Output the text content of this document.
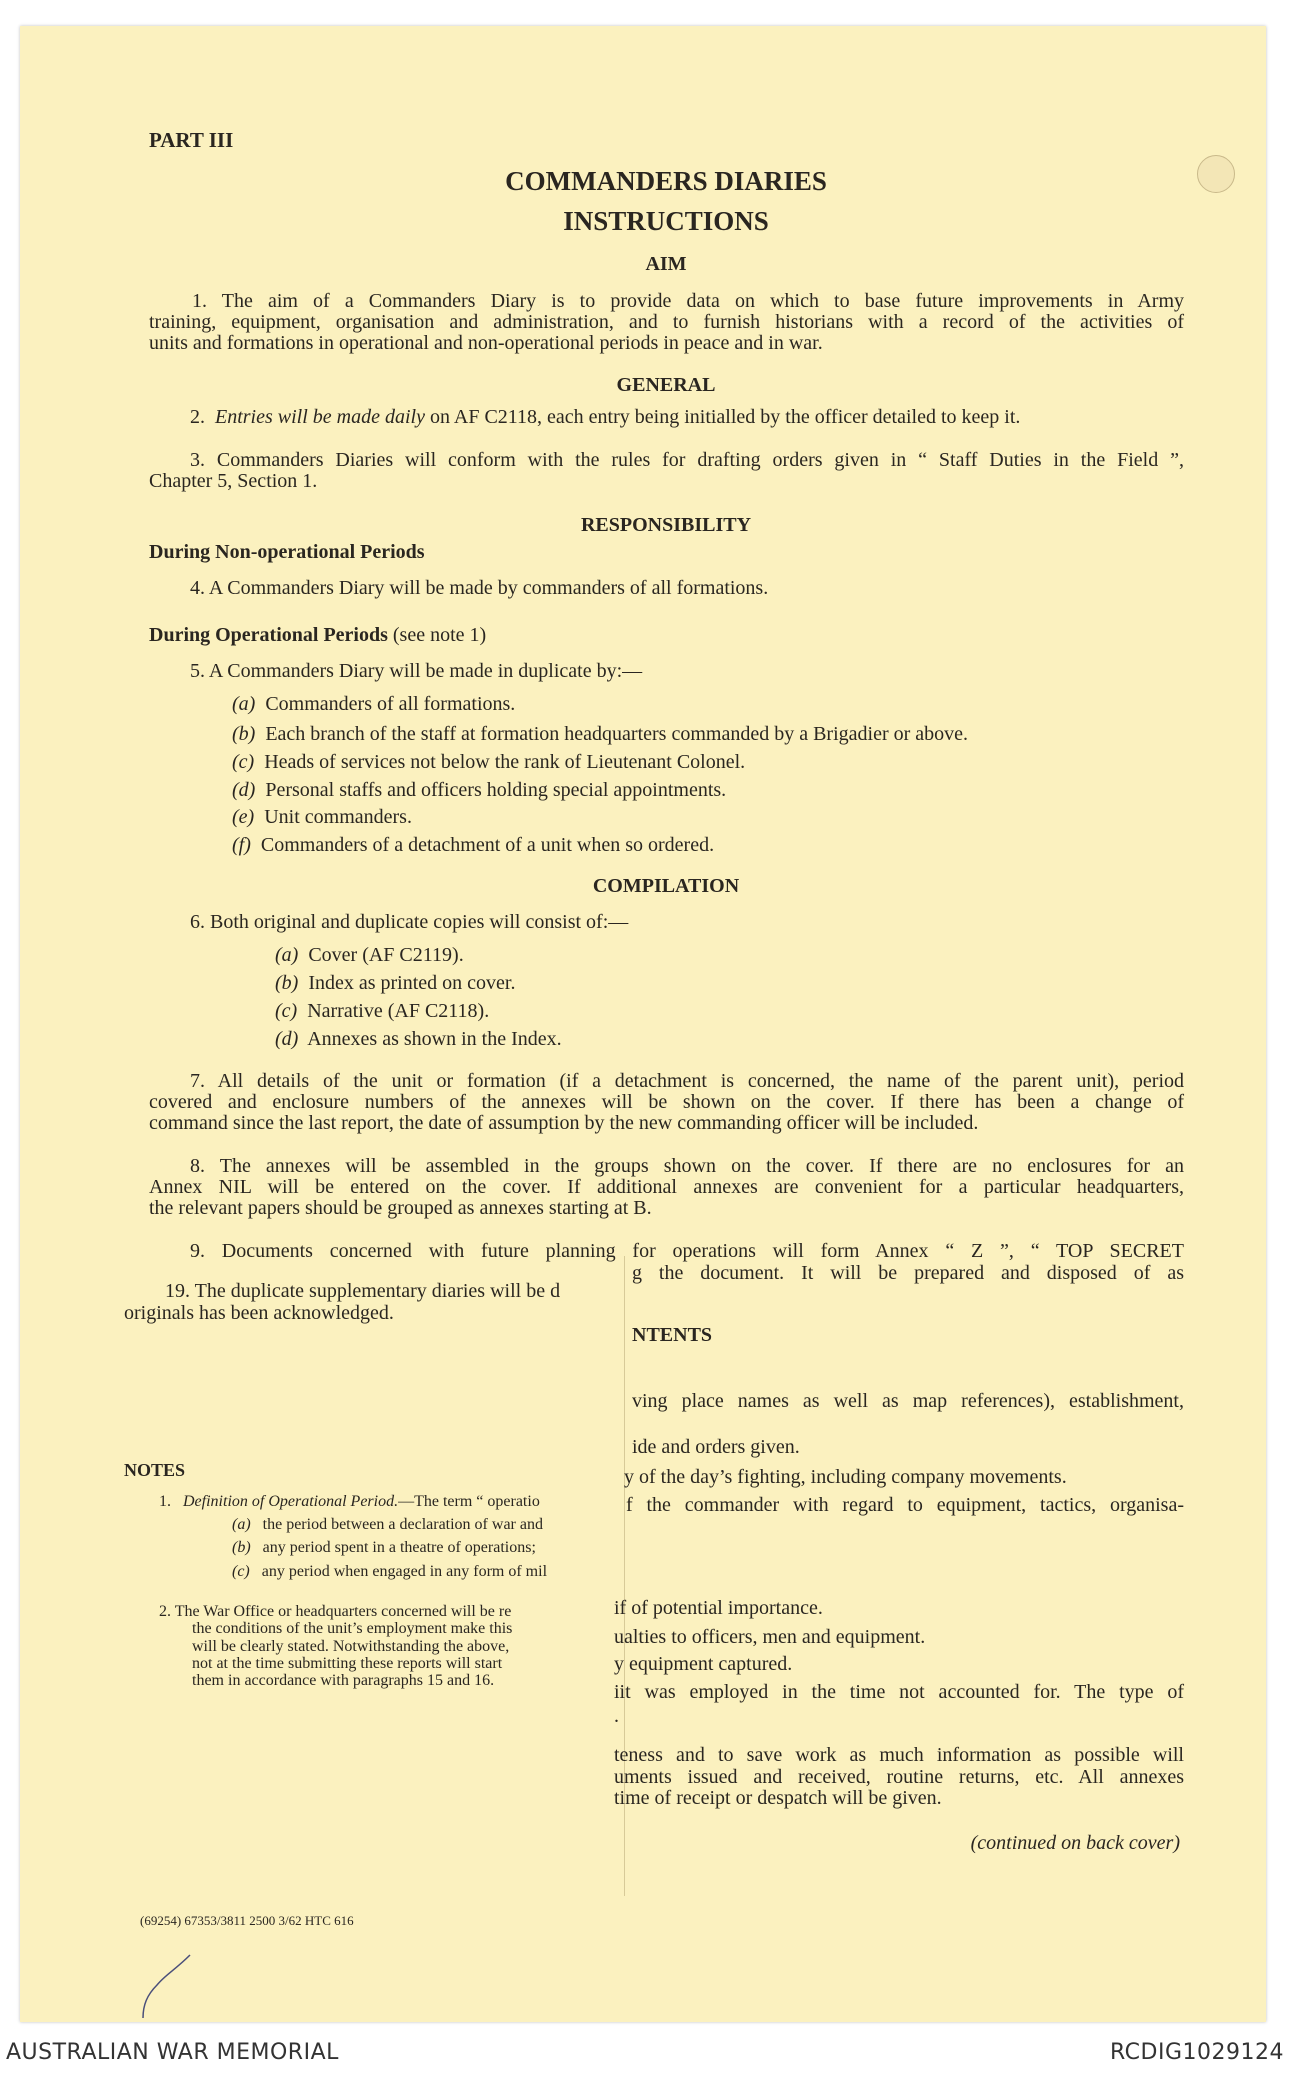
PART III
COMMANDERS DIARIES
INSTRUCTIONS
AIM
1. The aim of a Commanders Diary is to provide data on which to base future improvements in Army
training, equipment, organisation and administration, and to furnish historians with a record of the activities of
units and formations in operational and non-operational periods in peace and in war.
GENERAL
2. Entries will be made daily on AF C2118, each entry being initialled by the officer detailed to keep it.
3. Commanders Diaries will conform with the rules for drafting orders given in “ Staff Duties in the Field ”,
Chapter 5, Section 1.
RESPONSIBILITY
During Non-operational Periods
4. A Commanders Diary will be made by commanders of all formations.
During Operational Periods (see note 1)
5. A Commanders Diary will be made in duplicate by:—
(a) Commanders of all formations.
(b) Each branch of the staff at formation headquarters commanded by a Brigadier or above.
(c) Heads of services not below the rank of Lieutenant Colonel.
(d) Personal staffs and officers holding special appointments.
(e) Unit commanders.
(f) Commanders of a detachment of a unit when so ordered.
COMPILATION
6. Both original and duplicate copies will consist of:—
(a) Cover (AF C2119).
(b) Index as printed on cover.
(c) Narrative (AF C2118).
(d) Annexes as shown in the Index.
7. All details of the unit or formation (if a detachment is concerned, the name of the parent unit), period
covered and enclosure numbers of the annexes will be shown on the cover. If there has been a change of
command since the last report, the date of assumption by the new commanding officer will be included.
8. The annexes will be assembled in the groups shown on the cover. If there are no enclosures for an
Annex NIL will be entered on the cover. If additional annexes are convenient for a particular headquarters,
the relevant papers should be grouped as annexes starting at B.
9. Documents concerned with future planning for operations will form Annex “ Z ”, “ TOP SECRET
g the document. It will be prepared and disposed of as
19. The duplicate supplementary diaries will be d
originals has been acknowledged.
NTENTS
ving place names as well as map references), establishment,
ide and orders given.
y of the day’s fighting, including company movements.
f the commander with regard to equipment, tactics, organisa-
if of potential importance.
ualties to officers, men and equipment.
y equipment captured.
iit was employed in the time not accounted for. The type of
.
teness and to save work as much information as possible will
uments issued and received, routine returns, etc. All annexes
time of receipt or despatch will be given.
(continued on back cover)
NOTES
1. Definition of Operational Period.—The term “ operatio
(a) the period between a declaration of war and
(b) any period spent in a theatre of operations;
(c) any period when engaged in any form of mil
2. The War Office or headquarters concerned will be re
the conditions of the unit’s employment make this
will be clearly stated. Notwithstanding the above,
not at the time submitting these reports will start
them in accordance with paragraphs 15 and 16.
(69254) 67353/3811 2500 3/62 HTC 616
AUSTRALIAN WAR MEMORIAL	RCDIG1029124
